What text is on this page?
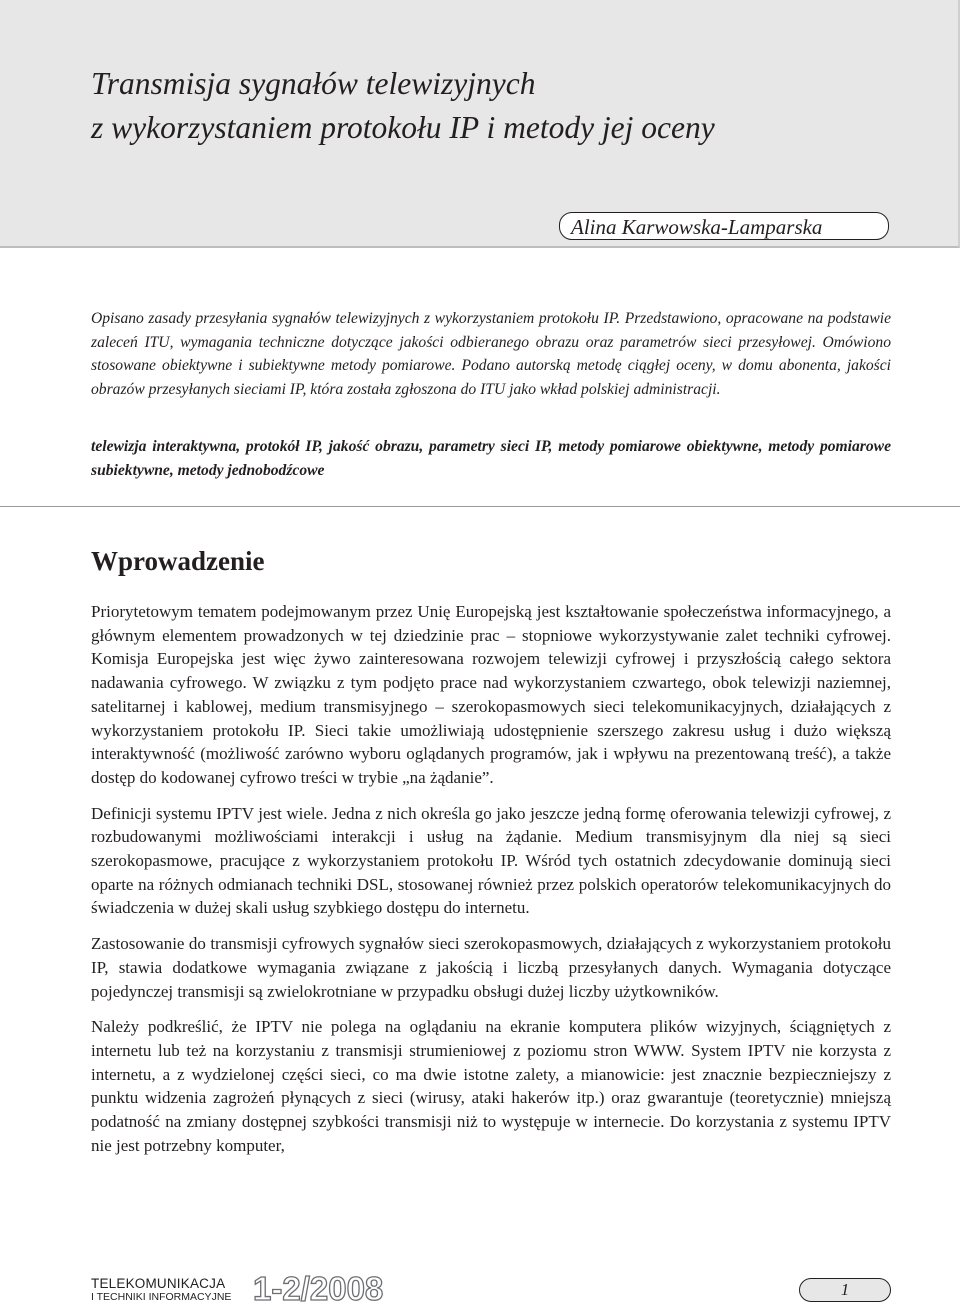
Transmisja sygnałów telewizyjnych
z wykorzystaniem protokołu IP i metody jej oceny
Alina Karwowska-Lamparska

Opisano zasady przesyłania sygnałów telewizyjnych z wykorzystaniem protokołu IP. Przedstawiono, opracowane na podstawie zaleceń ITU, wymagania techniczne dotyczące jakości odbieranego obrazu oraz parametrów sieci przesyłowej. Omówiono stosowane obiektywne i subiektywne metody pomiarowe. Podano autorską metodę ciągłej oceny, w domu abonenta, jakości obrazów przesyłanych sieciami IP, która została zgłoszona do ITU jako wkład polskiej administracji.

telewizja interaktywna, protokół IP, jakość obrazu, parametry sieci IP, metody pomiarowe obiektywne, metody pomiarowe subiektywne, metody jednobodźcowe

Wprowadzenie

Priorytetowym tematem podejmowanym przez Unię Europejską jest kształtowanie społeczeństwa informacyjnego, a głównym elementem prowadzonych w tej dziedzinie prac – stopniowe wykorzystywanie zalet techniki cyfrowej. Komisja Europejska jest więc żywo zainteresowana rozwojem telewizji cyfrowej i przyszłością całego sektora nadawania cyfrowego. W związku z tym podjęto prace nad wykorzystaniem czwartego, obok telewizji naziemnej, satelitarnej i kablowej, medium transmisyjnego – szerokopasmowych sieci telekomunikacyjnych, działających z wykorzystaniem protokołu IP. Sieci takie umożliwiają udostępnienie szerszego zakresu usług i dużo większą interaktywność (możliwość zarówno wyboru oglądanych programów, jak i wpływu na prezentowaną treść), a także dostęp do kodowanej cyfrowo treści w trybie „na żądanie”.

Definicji systemu IPTV jest wiele. Jedna z nich określa go jako jeszcze jedną formę oferowania telewizji cyfrowej, z rozbudowanymi możliwościami interakcji i usług na żądanie. Medium transmisyjnym dla niej są sieci szerokopasmowe, pracujące z wykorzystaniem protokołu IP. Wśród tych ostatnich zdecydowanie dominują sieci oparte na różnych odmianach techniki DSL, stosowanej również przez polskich operatorów telekomunikacyjnych do świadczenia w dużej skali usług szybkiego dostępu do internetu.

Zastosowanie do transmisji cyfrowych sygnałów sieci szerokopasmowych, działających z wykorzystaniem protokołu IP, stawia dodatkowe wymagania związane z jakością i liczbą przesyłanych danych. Wymagania dotyczące pojedynczej transmisji są zwielokrotniane w przypadku obsługi dużej liczby użytkowników.

Należy podkreślić, że IPTV nie polega na oglądaniu na ekranie komputera plików wizyjnych, ściągniętych z internetu lub też na korzystaniu z transmisji strumieniowej z poziomu stron WWW. System IPTV nie korzysta z internetu, a z wydzielonej części sieci, co ma dwie istotne zalety, a mianowicie: jest znacznie bezpieczniejszy z punktu widzenia zagrożeń płynących z sieci (wirusy, ataki hakerów itp.) oraz gwarantuje (teoretycznie) mniejszą podatność na zmiany dostępnej szybkości transmisji niż to występuje w internecie. Do korzystania z systemu IPTV nie jest potrzebny komputer,

TELEKOMUNIKACJA
I TECHNIKI INFORMACYJNE 1-2/2008	1
